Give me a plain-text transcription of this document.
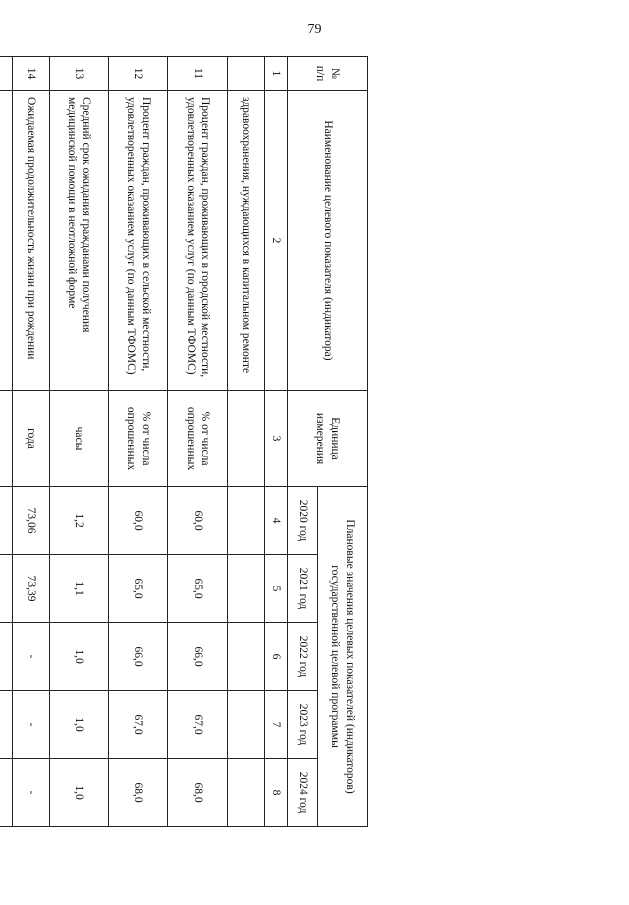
79
№ п/п	Наименование целевого показателя (индикатора)	Единица измерения	Плановые значения целевых показателей (индикаторов) государственной целевой программы				
			2020 год	2021 год	2022 год	2023 год	2024 год
1	2	3	4	5	6	7	8
	здравоохранения, нуждающихся в капитальном ремонте						
11	Процент граждан, проживающих в городской местности, удовлетворенных оказанием услуг (по данным ТФОМС)	% от числа опрошенных	60,0	65,0	66,0	67,0	68,0
12	Процент граждан, проживающих в сельской местности, удовлетворенных оказанием услуг (по данным ТФОМС)	% от числа опрошенных	60,0	65,0	66,0	67,0	68,0
13	Средний срок ожидания гражданами получения медицинской помощи в неотложной форме	часы	1,2	1,1	1,0	1,0	1,0
14	Ожидаемая продолжительность жизни при рождении	года	73,06	73,39	-	-	-
